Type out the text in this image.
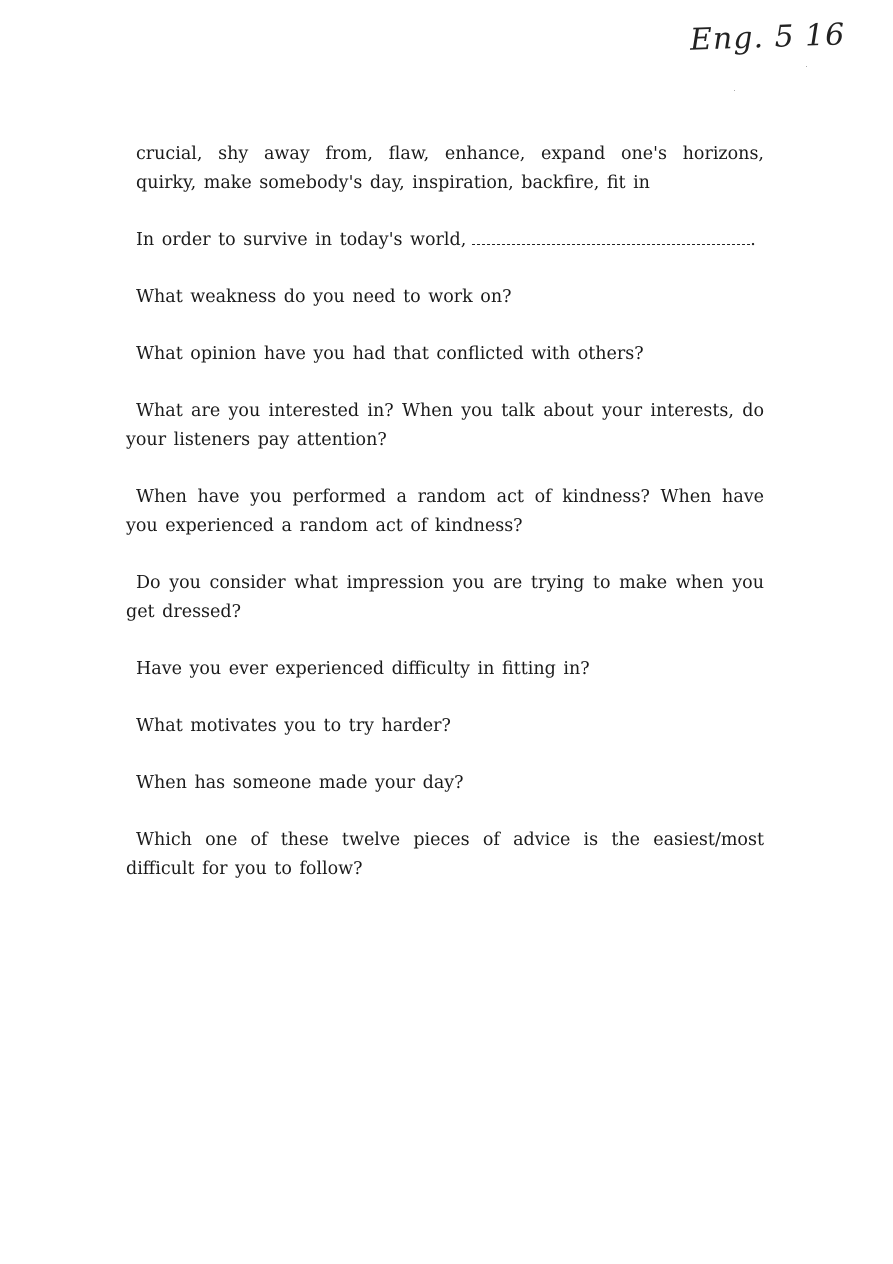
Eng. 5 16

crucial, shy away from, flaw, enhance, expand one's horizons, quirky, make somebody's day, inspiration, backfire, fit in

In order to survive in today's world,	.

What weakness do you need to work on?

What opinion have you had that conflicted with others?

What are you interested in? When you talk about your interests, do your listeners pay attention?

When have you performed a random act of kindness? When have you experienced a random act of kindness?

Do you consider what impression you are trying to make when you get dressed?

Have you ever experienced difficulty in fitting in?

What motivates you to try harder?

When has someone made your day?

Which one of these twelve pieces of advice is the easiest/most difficult for you to follow?
